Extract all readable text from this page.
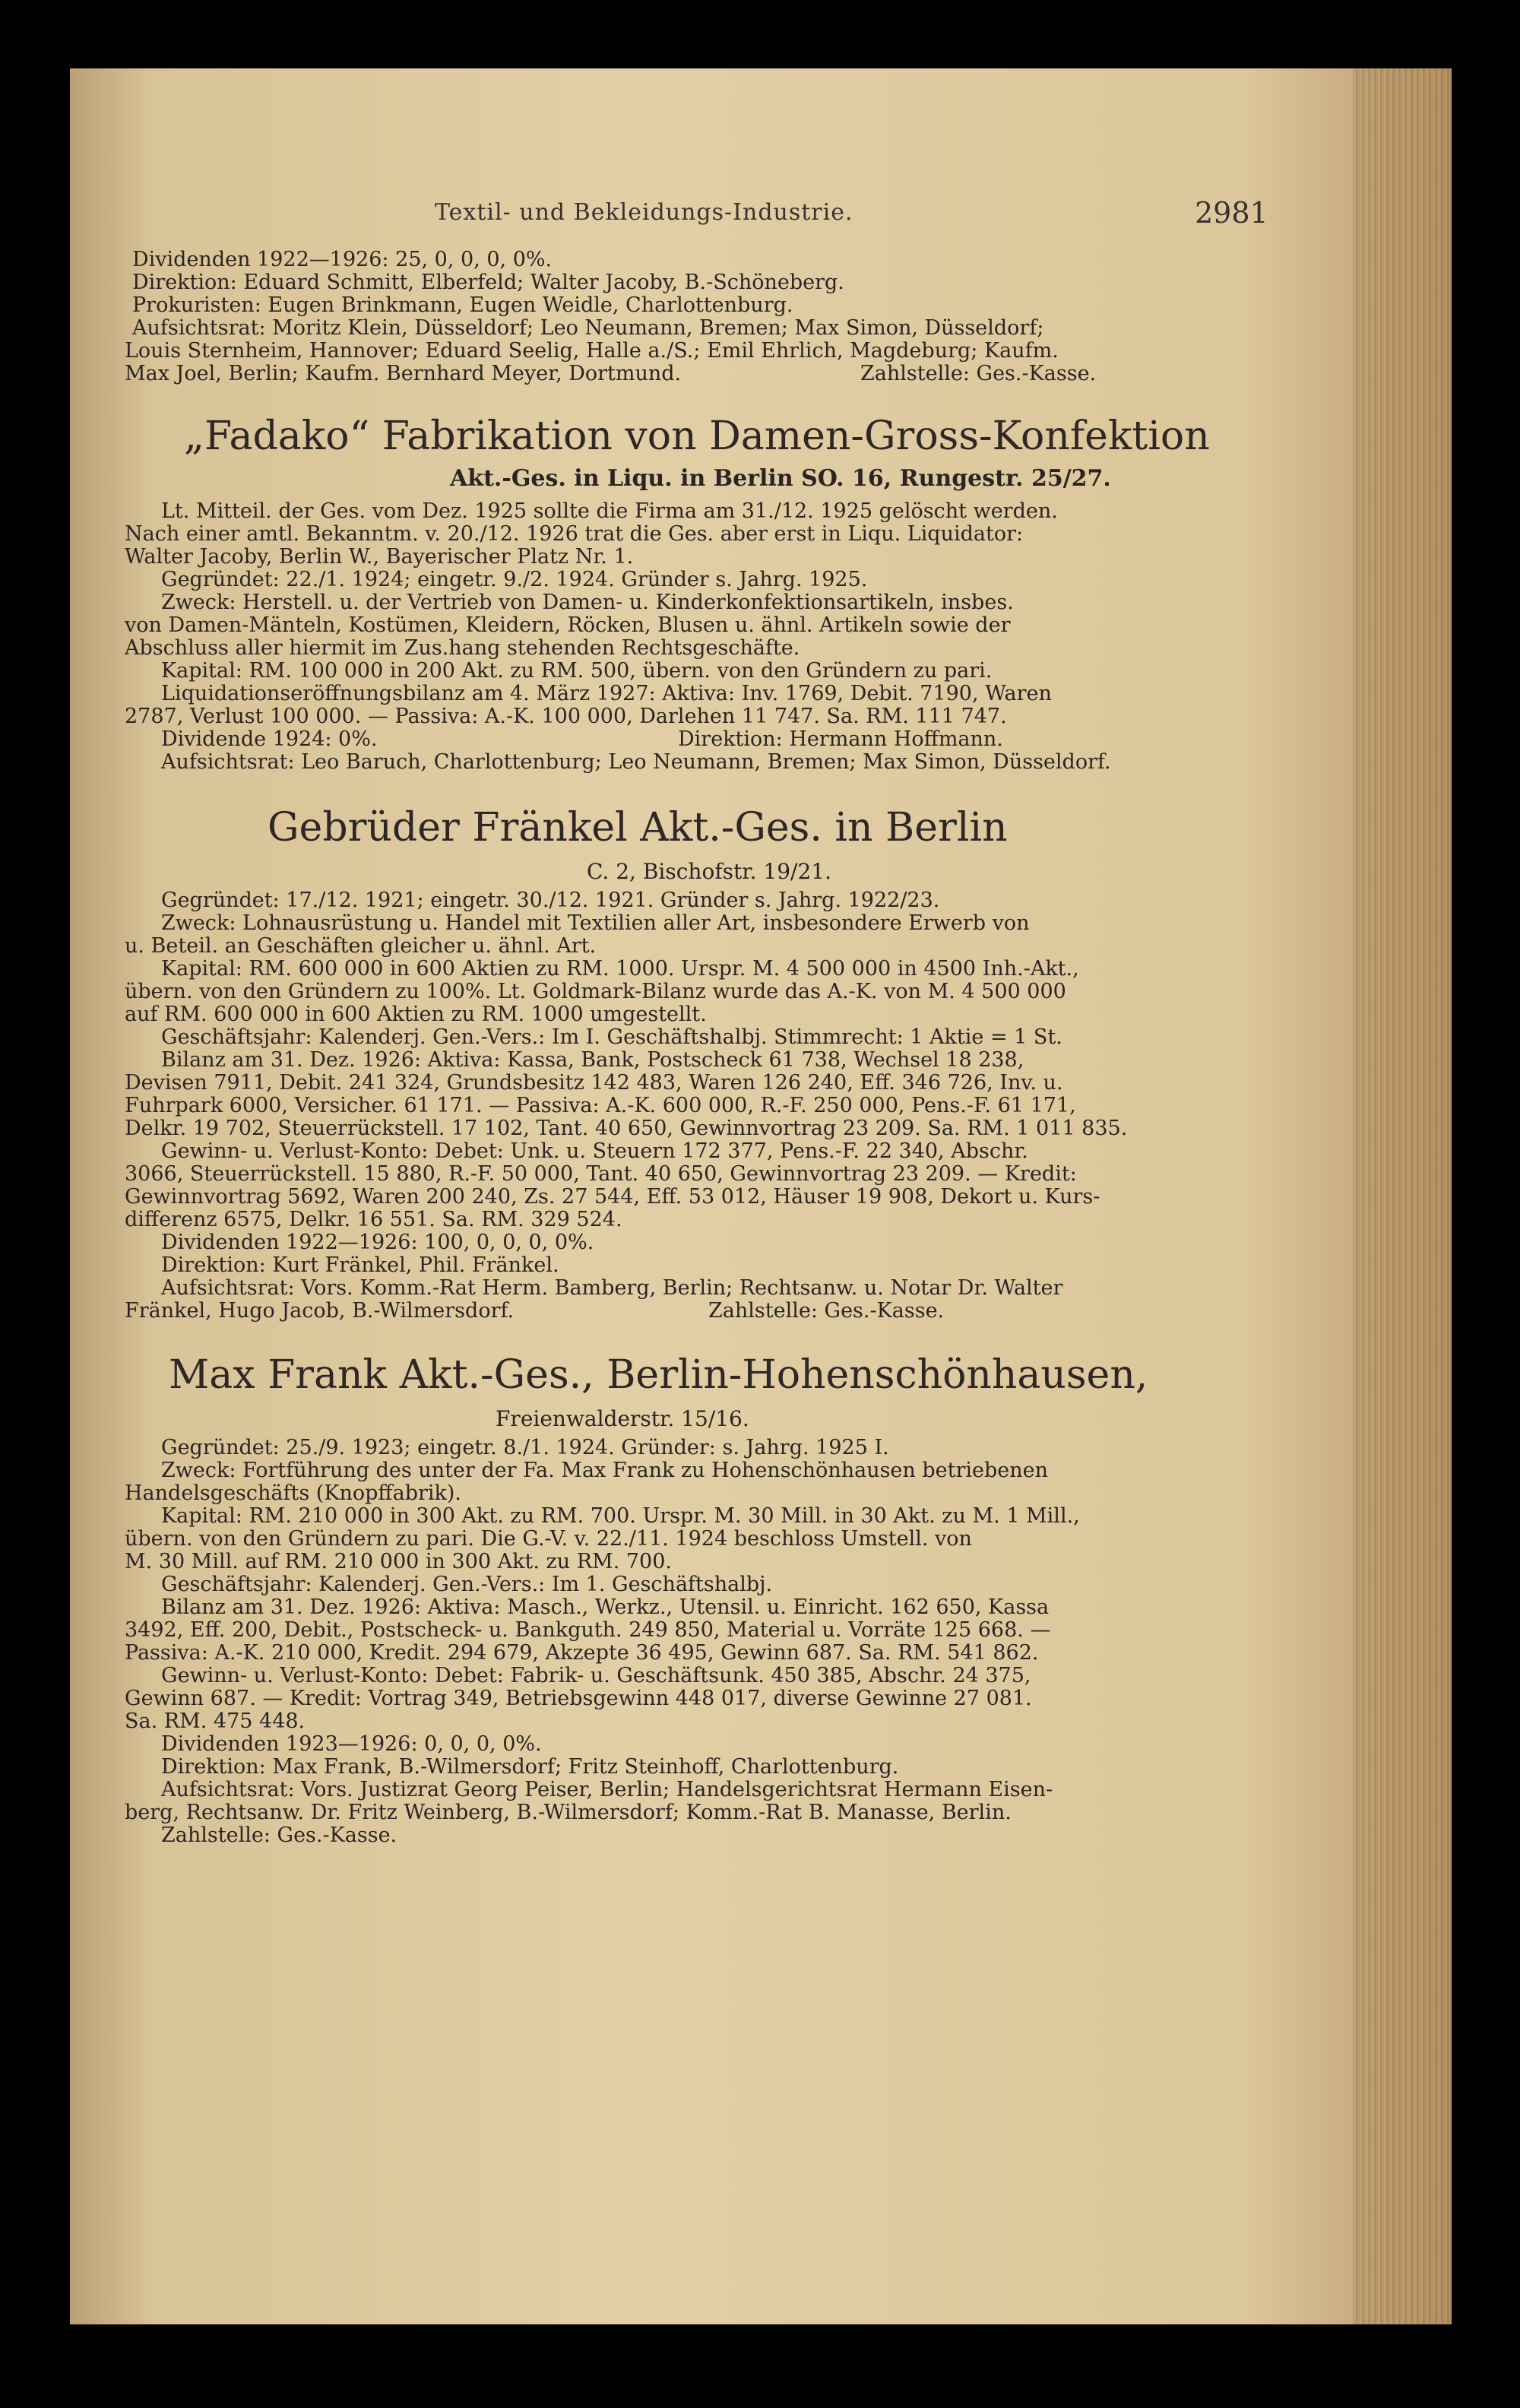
Textil- und Bekleidungs-Industrie.	2981
Dividenden 1922—1926: 25, 0, 0, 0, 0%.
Direktion: Eduard Schmitt, Elberfeld; Walter Jacoby, B.-Schöneberg.
Prokuristen: Eugen Brinkmann, Eugen Weidle, Charlottenburg.
Aufsichtsrat: Moritz Klein, Düsseldorf; Leo Neumann, Bremen; Max Simon, Düsseldorf;
Louis Sternheim, Hannover; Eduard Seelig, Halle a./S.; Emil Ehrlich, Magdeburg; Kaufm.
Max Joel, Berlin; Kaufm. Bernhard Meyer, Dortmund.	Zahlstelle: Ges.-Kasse.
„Fadako“ Fabrikation von Damen-Gross-Konfektion
Akt.-Ges. in Liqu. in Berlin SO. 16, Rungestr. 25/27.
Lt. Mitteil. der Ges. vom Dez. 1925 sollte die Firma am 31./12. 1925 gelöscht werden.
Nach einer amtl. Bekanntm. v. 20./12. 1926 trat die Ges. aber erst in Liqu. Liquidator:
Walter Jacoby, Berlin W., Bayerischer Platz Nr. 1.
Gegründet: 22./1. 1924; eingetr. 9./2. 1924. Gründer s. Jahrg. 1925.
Zweck: Herstell. u. der Vertrieb von Damen- u. Kinderkonfektionsartikeln, insbes.
von Damen-Mänteln, Kostümen, Kleidern, Röcken, Blusen u. ähnl. Artikeln sowie der
Abschluss aller hiermit im Zus.hang stehenden Rechtsgeschäfte.
Kapital: RM. 100 000 in 200 Akt. zu RM. 500, übern. von den Gründern zu pari.
Liquidationseröffnungsbilanz am 4. März 1927: Aktiva: Inv. 1769, Debit. 7190, Waren
2787, Verlust 100 000. — Passiva: A.-K. 100 000, Darlehen 11 747. Sa. RM. 111 747.
Dividende 1924: 0%.	Direktion: Hermann Hoffmann.
Aufsichtsrat: Leo Baruch, Charlottenburg; Leo Neumann, Bremen; Max Simon, Düsseldorf.
Gebrüder Fränkel Akt.-Ges. in Berlin
C. 2, Bischofstr. 19/21.
Gegründet: 17./12. 1921; eingetr. 30./12. 1921. Gründer s. Jahrg. 1922/23.
Zweck: Lohnausrüstung u. Handel mit Textilien aller Art, insbesondere Erwerb von
u. Beteil. an Geschäften gleicher u. ähnl. Art.
Kapital: RM. 600 000 in 600 Aktien zu RM. 1000. Urspr. M. 4 500 000 in 4500 Inh.-Akt.,
übern. von den Gründern zu 100%. Lt. Goldmark-Bilanz wurde das A.-K. von M. 4 500 000
auf RM. 600 000 in 600 Aktien zu RM. 1000 umgestellt.
Geschäftsjahr: Kalenderj. Gen.-Vers.: Im I. Geschäftshalbj. Stimmrecht: 1 Aktie = 1 St.
Bilanz am 31. Dez. 1926: Aktiva: Kassa, Bank, Postscheck 61 738, Wechsel 18 238,
Devisen 7911, Debit. 241 324, Grundsbesitz 142 483, Waren 126 240, Eff. 346 726, Inv. u.
Fuhrpark 6000, Versicher. 61 171. — Passiva: A.-K. 600 000, R.-F. 250 000, Pens.-F. 61 171,
Delkr. 19 702, Steuerrückstell. 17 102, Tant. 40 650, Gewinnvortrag 23 209. Sa. RM. 1 011 835.
Gewinn- u. Verlust-Konto: Debet: Unk. u. Steuern 172 377, Pens.-F. 22 340, Abschr.
3066, Steuerrückstell. 15 880, R.-F. 50 000, Tant. 40 650, Gewinnvortrag 23 209. — Kredit:
Gewinnvortrag 5692, Waren 200 240, Zs. 27 544, Eff. 53 012, Häuser 19 908, Dekort u. Kurs-
differenz 6575, Delkr. 16 551. Sa. RM. 329 524.
Dividenden 1922—1926: 100, 0, 0, 0, 0%.
Direktion: Kurt Fränkel, Phil. Fränkel.
Aufsichtsrat: Vors. Komm.-Rat Herm. Bamberg, Berlin; Rechtsanw. u. Notar Dr. Walter
Fränkel, Hugo Jacob, B.-Wilmersdorf.	Zahlstelle: Ges.-Kasse.
Max Frank Akt.-Ges., Berlin-Hohenschönhausen,
Freienwalderstr. 15/16.
Gegründet: 25./9. 1923; eingetr. 8./1. 1924. Gründer: s. Jahrg. 1925 I.
Zweck: Fortführung des unter der Fa. Max Frank zu Hohenschönhausen betriebenen
Handelsgeschäfts (Knopffabrik).
Kapital: RM. 210 000 in 300 Akt. zu RM. 700. Urspr. M. 30 Mill. in 30 Akt. zu M. 1 Mill.,
übern. von den Gründern zu pari. Die G.-V. v. 22./11. 1924 beschloss Umstell. von
M. 30 Mill. auf RM. 210 000 in 300 Akt. zu RM. 700.
Geschäftsjahr: Kalenderj. Gen.-Vers.: Im 1. Geschäftshalbj.
Bilanz am 31. Dez. 1926: Aktiva: Masch., Werkz., Utensil. u. Einricht. 162 650, Kassa
3492, Eff. 200, Debit., Postscheck- u. Bankguth. 249 850, Material u. Vorräte 125 668. —
Passiva: A.-K. 210 000, Kredit. 294 679, Akzepte 36 495, Gewinn 687. Sa. RM. 541 862.
Gewinn- u. Verlust-Konto: Debet: Fabrik- u. Geschäftsunk. 450 385, Abschr. 24 375,
Gewinn 687. — Kredit: Vortrag 349, Betriebsgewinn 448 017, diverse Gewinne 27 081.
Sa. RM. 475 448.
Dividenden 1923—1926: 0, 0, 0, 0%.
Direktion: Max Frank, B.-Wilmersdorf; Fritz Steinhoff, Charlottenburg.
Aufsichtsrat: Vors. Justizrat Georg Peiser, Berlin; Handelsgerichtsrat Hermann Eisen-
berg, Rechtsanw. Dr. Fritz Weinberg, B.-Wilmersdorf; Komm.-Rat B. Manasse, Berlin.
Zahlstelle: Ges.-Kasse.
